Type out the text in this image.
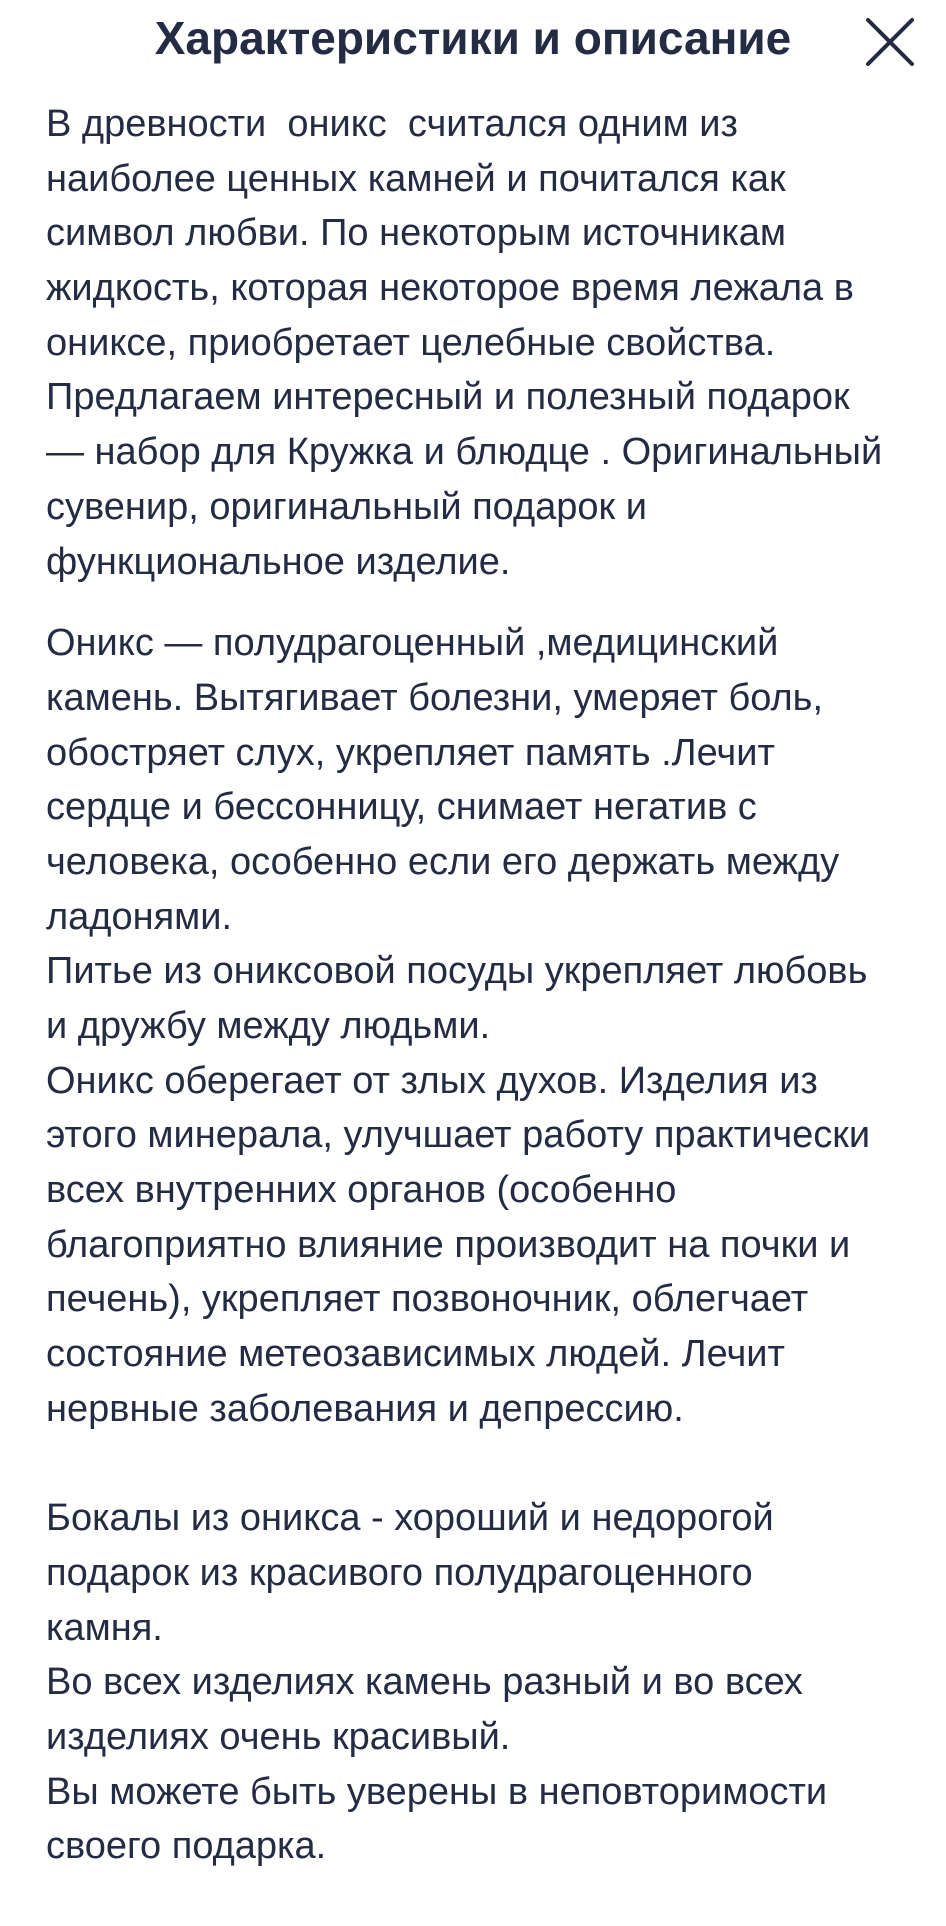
Характеристики и описание
В древности  оникс  считался одним из
наиболее ценных камней и почитался как
символ любви. По некоторым источникам
жидкость, которая некоторое время лежала в
ониксе, приобретает целебные свойства.
Предлагаем интересный и полезный подарок
— набор для Кружка и блюдце . Оригинальный
сувенир, оригинальный подарок и
функциональное изделие.
Оникс — полудрагоценный ,медицинский
камень. Вытягивает болезни, умеряет боль,
обостряет слух, укрепляет память .Лечит
сердце и бессонницу, снимает негатив с
человека, особенно если его держать между
ладонями.
Питье из ониксовой посуды укрепляет любовь
и дружбу между людьми.
Оникс оберегает от злых духов. Изделия из
этого минерала, улучшает работу практически
всех внутренних органов (особенно
благоприятно влияние производит на почки и
печень), укрепляет позвоночник, облегчает
состояние метеозависимых людей. Лечит
нервные заболевания и депрессию.
Бокалы из оникса - хороший и недорогой
подарок из красивого полудрагоценного
камня.
Во всех изделиях камень разный и во всех
изделиях очень красивый.
Вы можете быть уверены в неповторимости
своего подарка.
